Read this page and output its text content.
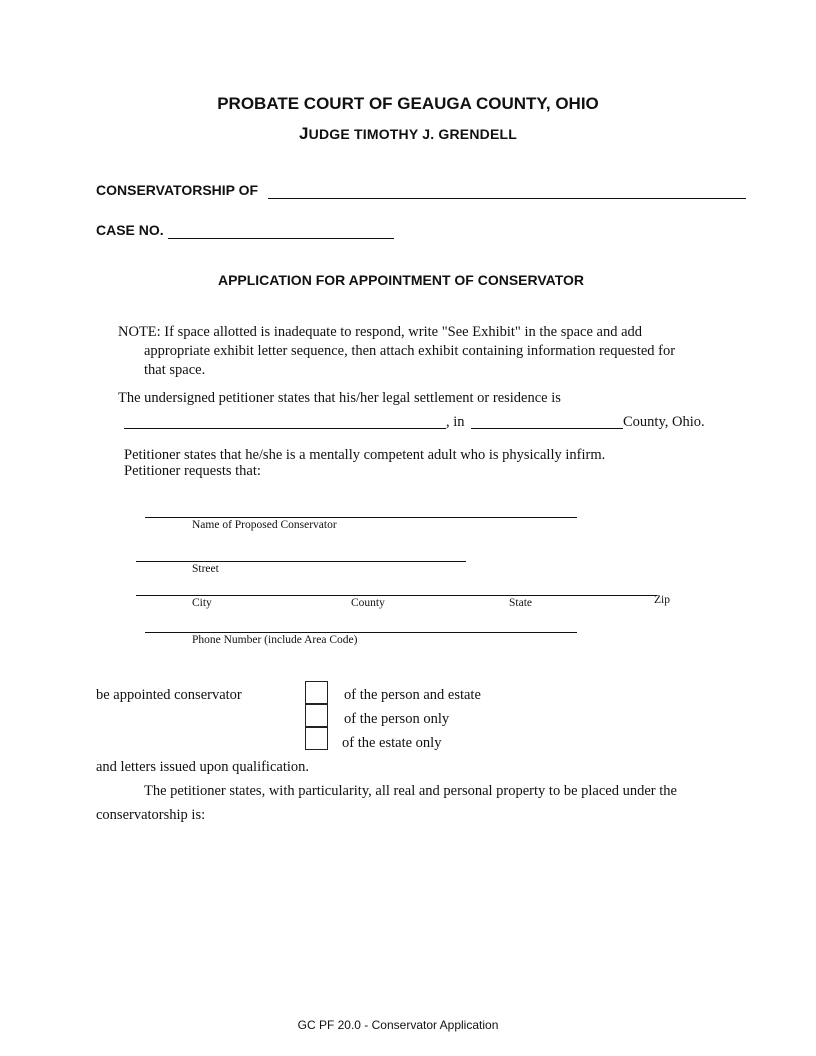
PROBATE COURT OF GEAUGA COUNTY, OHIO
JUDGE TIMOTHY J. GRENDELL
CONSERVATORSHIP OF
CASE NO.
APPLICATION FOR APPOINTMENT OF CONSERVATOR
NOTE: If space allotted is inadequate to respond, write "See Exhibit" in the space and add
appropriate exhibit letter sequence, then attach exhibit containing information requested for
that space.
The undersigned petitioner states that his/her legal settlement or residence is
, in	County, Ohio.
Petitioner states that he/she is a mentally competent adult who is physically infirm.
Petitioner requests that:
Name of Proposed Conservator
Street
City	County	State	Zip
Phone Number (include Area Code)
be appointed conservator	of the person and estate
of the person only
of the estate only
and letters issued upon qualification.
The petitioner states, with particularity, all real and personal property to be placed under the
conservatorship is:
GC PF 20.0 - Conservator Application
